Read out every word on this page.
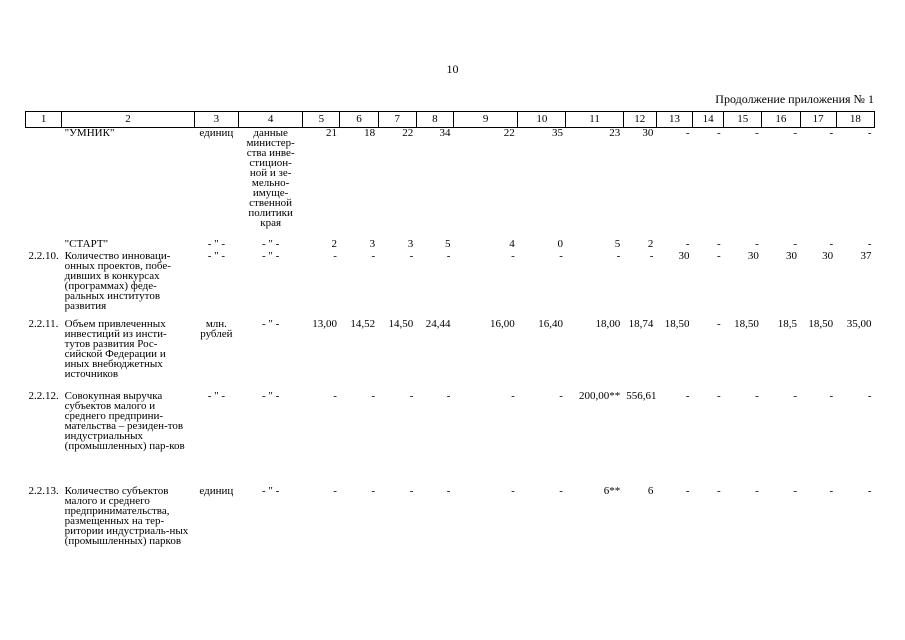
10
Продолжение приложения № 1
1	2	3	4	5	6	7	8	9	10	11	12	13	14	15	16	17	18
	"УМНИК"	единиц	данные министер-ства инве-стицион-ной и зе-мельно-имуще-ственной политики края	21	18	22	34	22	35	23	30	-	-	-	-	-	-
	"СТАРТ"	- " -	- " -	2	3	3	5	4	0	5	2	-	-	-	-	-	-
2.2.10.	Количество инноваци-онных проектов, побе-дивших в конкурсах (программах) феде-ральных институтов развития	- " -	- " -	-	-	-	-	-	-	-	-	30	-	30	30	30	37
2.2.11.	Объем привлеченных инвестиций из инсти-тутов развития Рос-сийской Федерации и иных внебюджетных источников	млн. рублей	- " -	13,00	14,52	14,50	24,44	16,00	16,40	18,00	18,74	18,50	-	18,50	18,5	18,50	35,00
2.2.12.	Совокупная выручка субъектов малого и среднего предприни-мательства – резиден-тов индустриальных (промышленных) пар-ков	- " -	- " -	-	-	-	-	-	-	200,00**	556,61	-	-	-	-	-	-
2.2.13.	Количество субъектов малого и среднего предпринимательства, размещенных на тер-ритории индустриаль-ных (промышленных) парков	единиц	- " -	-	-	-	-	-	-	6**	6	-	-	-	-	-	-
